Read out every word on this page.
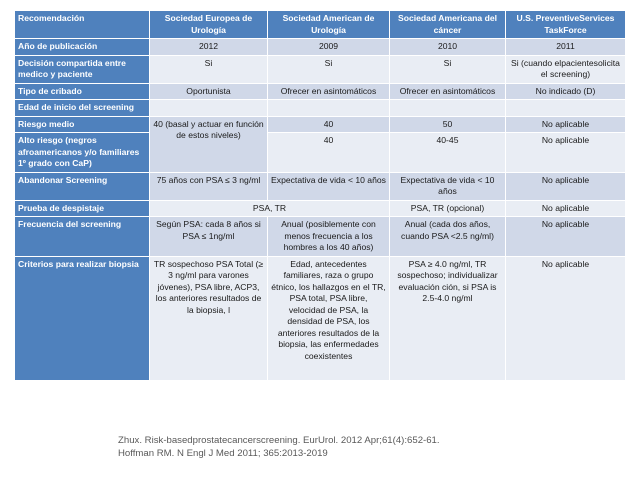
Recomendación	Sociedad Europea de Urología	Sociedad American de Urología	Sociedad Americana del cáncer	U.S. PreventiveServices TaskForce
Año de publicación	2012	2009	2010	2011
Decisión compartida entre medico y paciente	Si	Si	Si	Si (cuando elpacientesolicita el screening)
Tipo de cribado	Oportunista	Ofrecer en asintomáticos	Ofrecer en asintomáticos	No indicado (D)
Edad de inicio del screening				
Riesgo medio	40 (basal y actuar en función de estos niveles)	40	50	No aplicable
Alto riesgo (negros afroamericanos y/o familiares 1º grado con CaP)		40	40-45	No aplicable
Abandonar Screening	75 años con PSA ≤ 3 ng/ml	Expectativa de vida < 10 años	Expectativa de vida < 10 años	No aplicable
Prueba de despistaje	PSA, TR		PSA, TR (opcional)	No aplicable
Frecuencia del screening	Según PSA: cada 8 años si PSA ≤ 1ng/ml	Anual (posiblemente con menos frecuencia a los hombres a los 40 años)	Anual (cada dos años, cuando PSA <2.5 ng/ml)	No aplicable
Criterios para realizar biopsia	TR sospechoso PSA Total (≥ 3 ng/ml para varones jóvenes), PSA libre, ACP3, los anteriores resultados de la biopsia, l	Edad, antecedentes familiares, raza o grupo étnico, los hallazgos en el TR, PSA total, PSA libre, velocidad de PSA, la densidad de PSA, los anteriores resultados de la biopsia, las enfermedades coexistentes	PSA ≥ 4.0 ng/ml, TR sospechoso; individualizar evaluación ción, si PSA is 2.5-4.0 ng/ml	No aplicable
Zhux. Risk-basedprostatecancerscreening. EurUrol. 2012 Apr;61(4):652-61.
Hoffman RM. N Engl J Med 2011; 365:2013-2019
